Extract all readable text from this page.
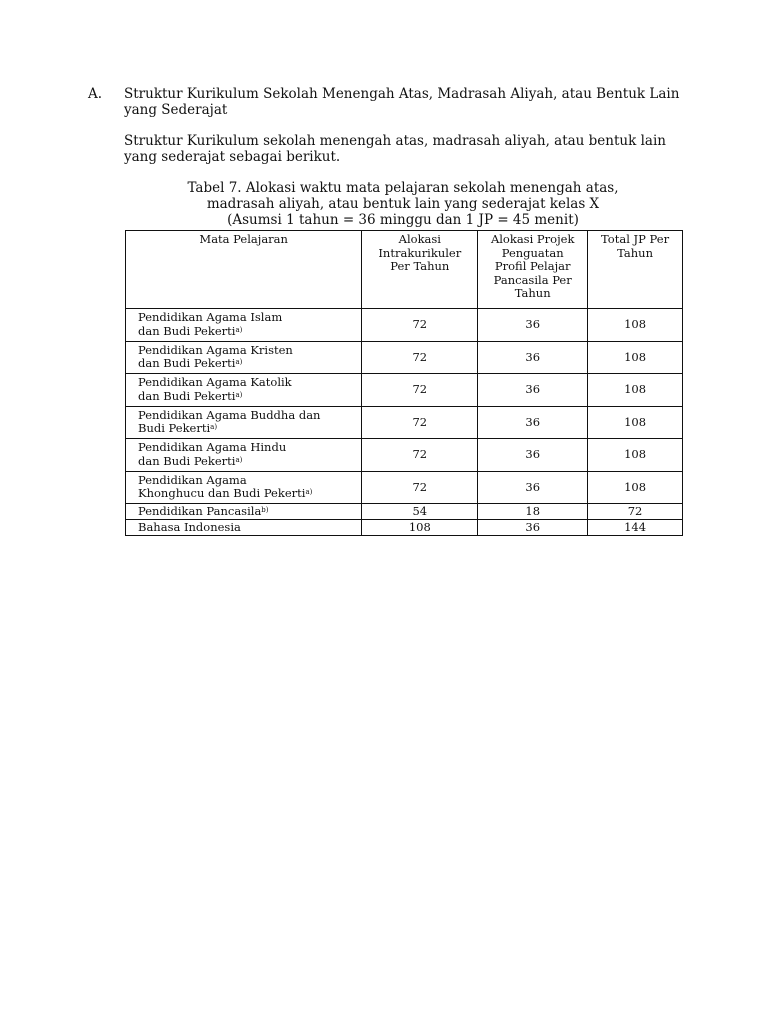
A.	Struktur Kurikulum Sekolah Menengah Atas, Madrasah Aliyah, atau Bentuk Lain yang Sederajat
Struktur Kurikulum sekolah menengah atas, madrasah aliyah, atau bentuk lain yang sederajat sebagai berikut.
Tabel 7. Alokasi waktu mata pelajaran sekolah menengah atas,
madrasah aliyah, atau bentuk lain yang sederajat kelas X

(Asumsi 1 tahun = 36 minggu dan 1 JP = 45 menit)
Mata Pelajaran	Alokasi Intrakurikuler Per Tahun	Alokasi Projek Penguatan Profil Pelajar Pancasila Per Tahun	Total JP Per Tahun
Pendidikan Agama Islam
dan Budi Pekerti$^{a)}$	72	36	108
Pendidikan Agama Kristen
dan Budi Pekerti$^{a)}$	72	36	108
Pendidikan Agama Katolik
dan Budi Pekerti$^{a)}$	72	36	108
Pendidikan Agama Buddha dan
Budi Pekerti$^{a)}$	72	36	108
Pendidikan Agama Hindu
dan Budi Pekerti$^{a)}$	72	36	108
Pendidikan Agama
Khonghucu dan Budi Pekerti$^{a)}$	72	36	108
Pendidikan Pancasila$^{b)}$	54	18	72
Bahasa Indonesia	108	36	144
